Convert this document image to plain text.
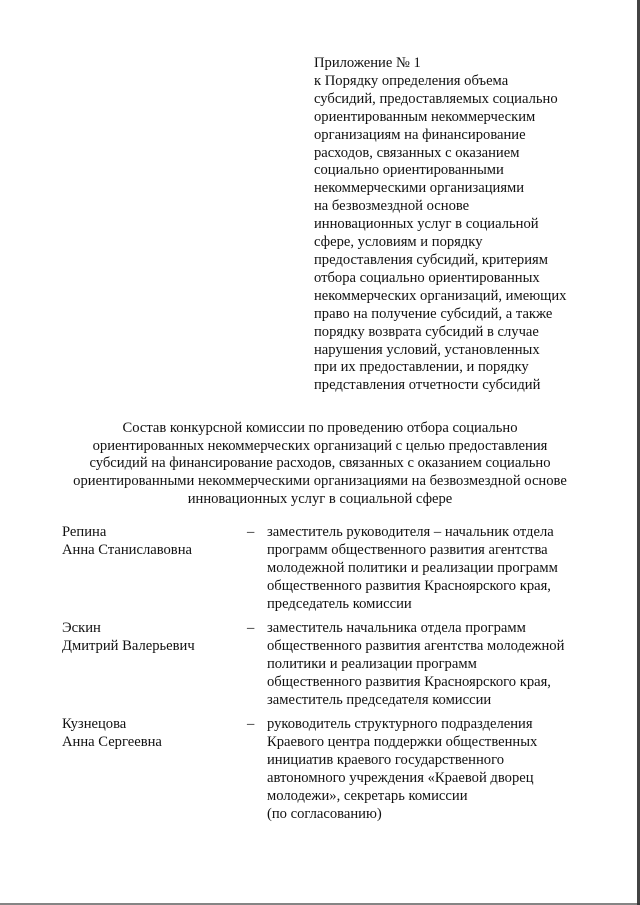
Приложение № 1
к Порядку определения объема
субсидий, предоставляемых социально
ориентированным некоммерческим
организациям на финансирование
расходов, связанных с оказанием
социально ориентированными
некоммерческими организациями
на безвозмездной основе
инновационных услуг в социальной
сфере, условиям и порядку
предоставления субсидий, критериям
отбора социально ориентированных
некоммерческих организаций, имеющих
право на получение субсидий, а также
порядку возврата субсидий в случае
нарушения условий, установленных
при их предоставлении, и порядку
представления отчетности субсидий
Состав конкурсной комиссии по проведению отбора социально
ориентированных некоммерческих организаций с целью предоставления
субсидий на финансирование расходов, связанных с оказанием социально
ориентированными некоммерческими организациями на безвозмездной основе
инновационных услуг в социальной сфере
Репина
Анна Станиславовна
– заместитель руководителя – начальник отдела
программ общественного развития агентства
молодежной политики и реализации программ
общественного развития Красноярского края,
председатель комиссии
Эскин
Дмитрий Валерьевич
– заместитель начальника отдела программ
общественного развития агентства молодежной
политики и реализации программ
общественного развития Красноярского края,
заместитель председателя комиссии
Кузнецова
Анна Сергеевна
– руководитель структурного подразделения
Краевого центра поддержки общественных
инициатив краевого государственного
автономного учреждения «Краевой дворец
молодежи», секретарь комиссии
(по согласованию)
